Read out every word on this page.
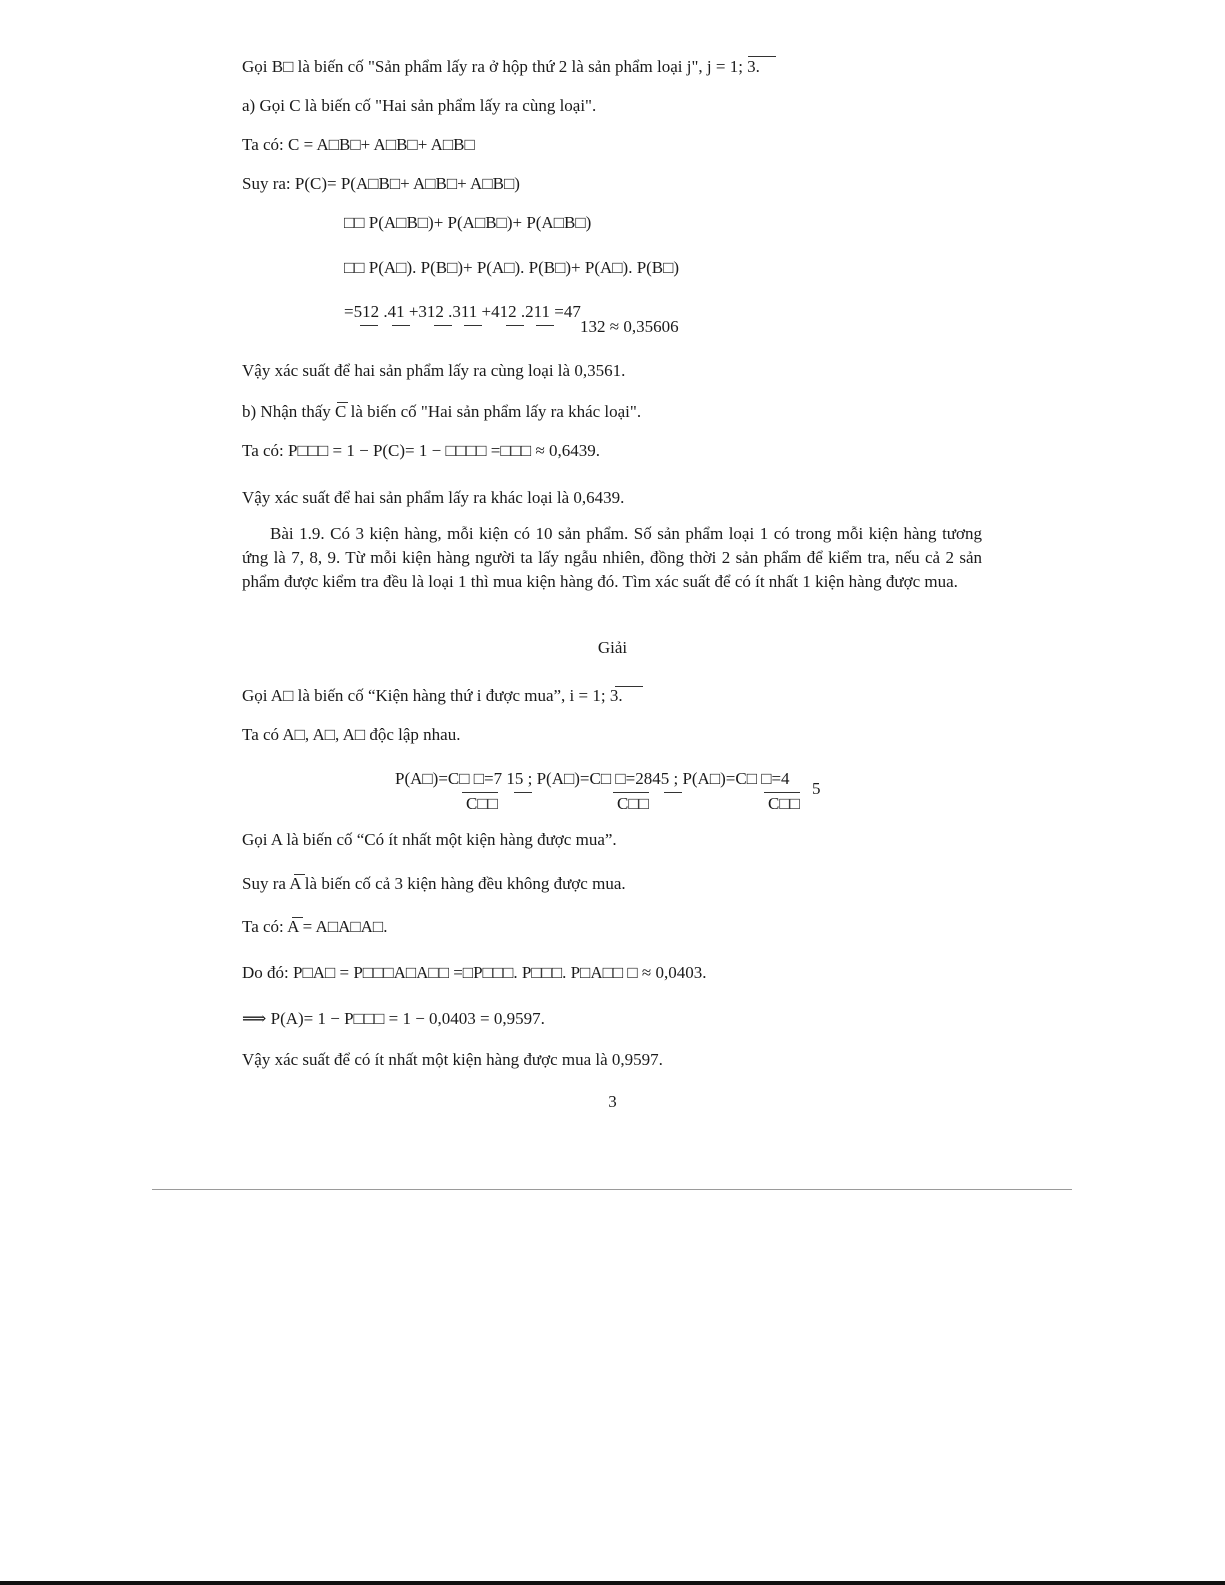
Gọi B□ là biến cố "Sản phẩm lấy ra ở hộp thứ 2 là sản phẩm loại j", j = 1; 3.
a) Gọi C là biến cố "Hai sản phẩm lấy ra cùng loại".
Ta có: C = A□B□+ A□B□+ A□B□
Suy ra: P(C)= P(A□B□+ A□B□+ A□B□)
□□ P(A□B□)+ P(A□B□)+ P(A□B□)
□□ P(A□). P(B□)+ P(A□). P(B□)+ P(A□). P(B□)
=512 .41 +312 .311 +412 .211 =47
132 ≈ 0,35606
Vậy xác suất để hai sản phẩm lấy ra cùng loại là 0,3561.
b) Nhận thấy C là biến cố "Hai sản phẩm lấy ra khác loại".
Ta có: P□□□ = 1 − P(C)= 1 − □□□□ =□□□ ≈ 0,6439.
Vậy xác suất để hai sản phẩm lấy ra khác loại là 0,6439.
Bài 1.9. Có 3 kiện hàng, mỗi kiện có 10 sản phẩm. Số sản phẩm loại 1 có trong mỗi kiện hàng tương ứng là 7, 8, 9. Từ mỗi kiện hàng người ta lấy ngẫu nhiên, đồng thời 2 sản phẩm để kiểm tra, nếu cả 2 sản phẩm được kiểm tra đều là loại 1 thì mua kiện hàng đó. Tìm xác suất để có ít nhất 1 kiện hàng được mua.
Giải
Gọi A□ là biến cố “Kiện hàng thứ i được mua”, i = 1; 3.
Ta có A□, A□, A□ độc lập nhau.
P(A□)=C□ □=7 15 ; P(A□)=C□ □=2845 ; P(A□)=C□ □=4
C□□	C□□	C□□
5
Gọi A là biến cố “Có ít nhất một kiện hàng được mua”.
Suy ra A là biến cố cả 3 kiện hàng đều không được mua.
Ta có: A = A□A□A□.
Do đó: P□A□ = P□□□A□A□□ =□P□□□. P□□□. P□A□□ □ ≈ 0,0403.
⟹ P(A)= 1 − P□□□ = 1 − 0,0403 = 0,9597.
Vậy xác suất để có ít nhất một kiện hàng được mua là 0,9597.
3
